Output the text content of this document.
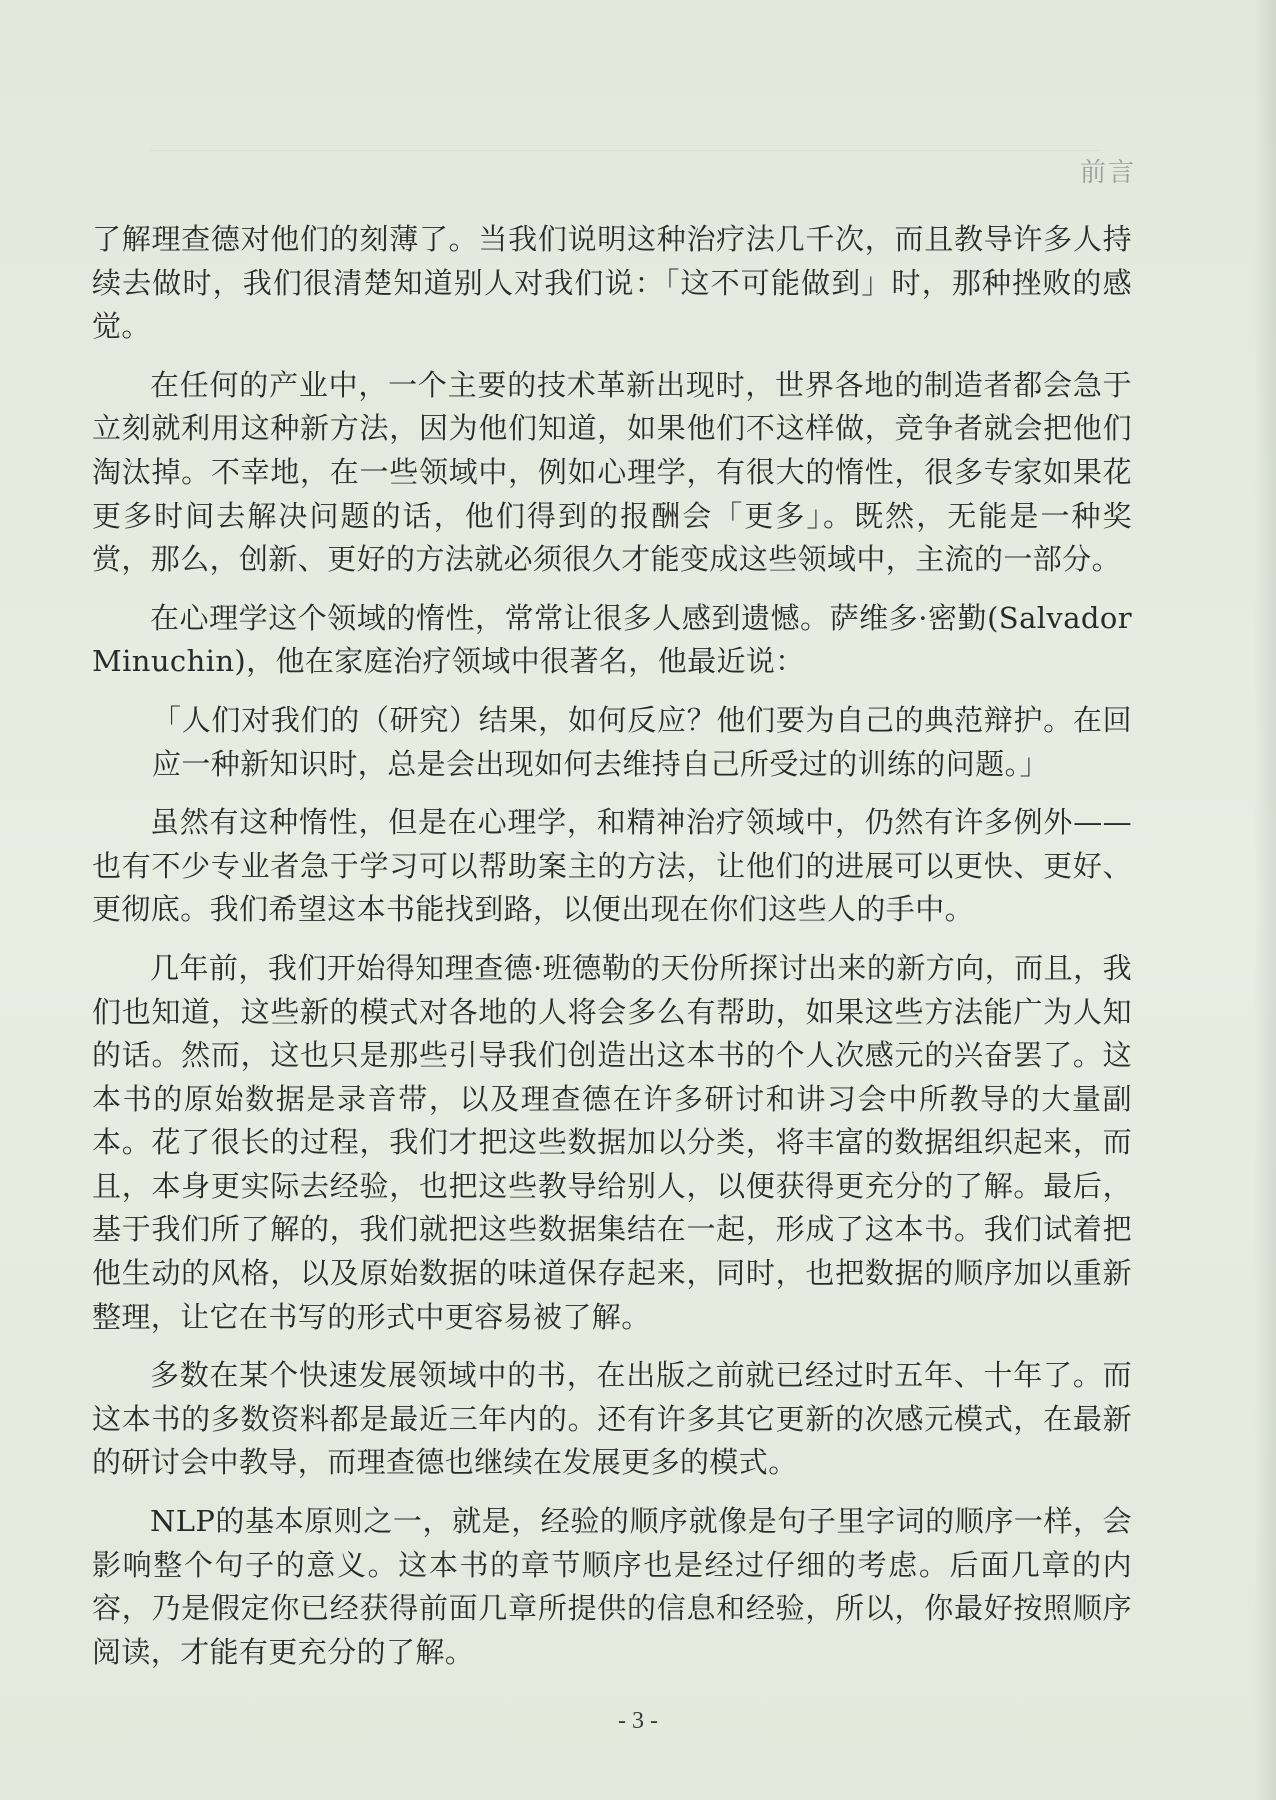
前言

了解理查德对他们的刻薄了。当我们说明这种治疗法几千次，而且教导许多人持续去做时，我们很清楚知道别人对我们说：「这不可能做到」时，那种挫败的感觉。

在任何的产业中，一个主要的技术革新出现时，世界各地的制造者都会急于立刻就利用这种新方法，因为他们知道，如果他们不这样做，竞争者就会把他们淘汰掉。不幸地，在一些领域中，例如心理学，有很大的惰性，很多专家如果花更多时间去解决问题的话，他们得到的报酬会「更多」。既然，无能是一种奖赏，那么，创新、更好的方法就必须很久才能变成这些领域中，主流的一部分。

在心理学这个领域的惰性，常常让很多人感到遗憾。萨维多·密勤(Salvador Minuchin)，他在家庭治疗领域中很著名，他最近说：

「人们对我们的（研究）结果，如何反应？他们要为自己的典范辩护。在回应一种新知识时，总是会出现如何去维持自己所受过的训练的问题。」

虽然有这种惰性，但是在心理学，和精神治疗领域中，仍然有许多例外——也有不少专业者急于学习可以帮助案主的方法，让他们的进展可以更快、更好、更彻底。我们希望这本书能找到路，以便出现在你们这些人的手中。

几年前，我们开始得知理查德·班德勒的天份所探讨出来的新方向，而且，我们也知道，这些新的模式对各地的人将会多么有帮助，如果这些方法能广为人知的话。然而，这也只是那些引导我们创造出这本书的个人次感元的兴奋罢了。这本书的原始数据是录音带，以及理查德在许多研讨和讲习会中所教导的大量副本。花了很长的过程，我们才把这些数据加以分类，将丰富的数据组织起来，而且，本身更实际去经验，也把这些教导给别人，以便获得更充分的了解。最后，基于我们所了解的，我们就把这些数据集结在一起，形成了这本书。我们试着把他生动的风格，以及原始数据的味道保存起来，同时，也把数据的顺序加以重新整理，让它在书写的形式中更容易被了解。

多数在某个快速发展领域中的书，在出版之前就已经过时五年、十年了。而这本书的多数资料都是最近三年内的。还有许多其它更新的次感元模式，在最新的研讨会中教导，而理查德也继续在发展更多的模式。

NLP的基本原则之一，就是，经验的顺序就像是句子里字词的顺序一样，会影响整个句子的意义。这本书的章节顺序也是经过仔细的考虑。后面几章的内容，乃是假定你已经获得前面几章所提供的信息和经验，所以，你最好按照顺序阅读，才能有更充分的了解。

- 3 -
